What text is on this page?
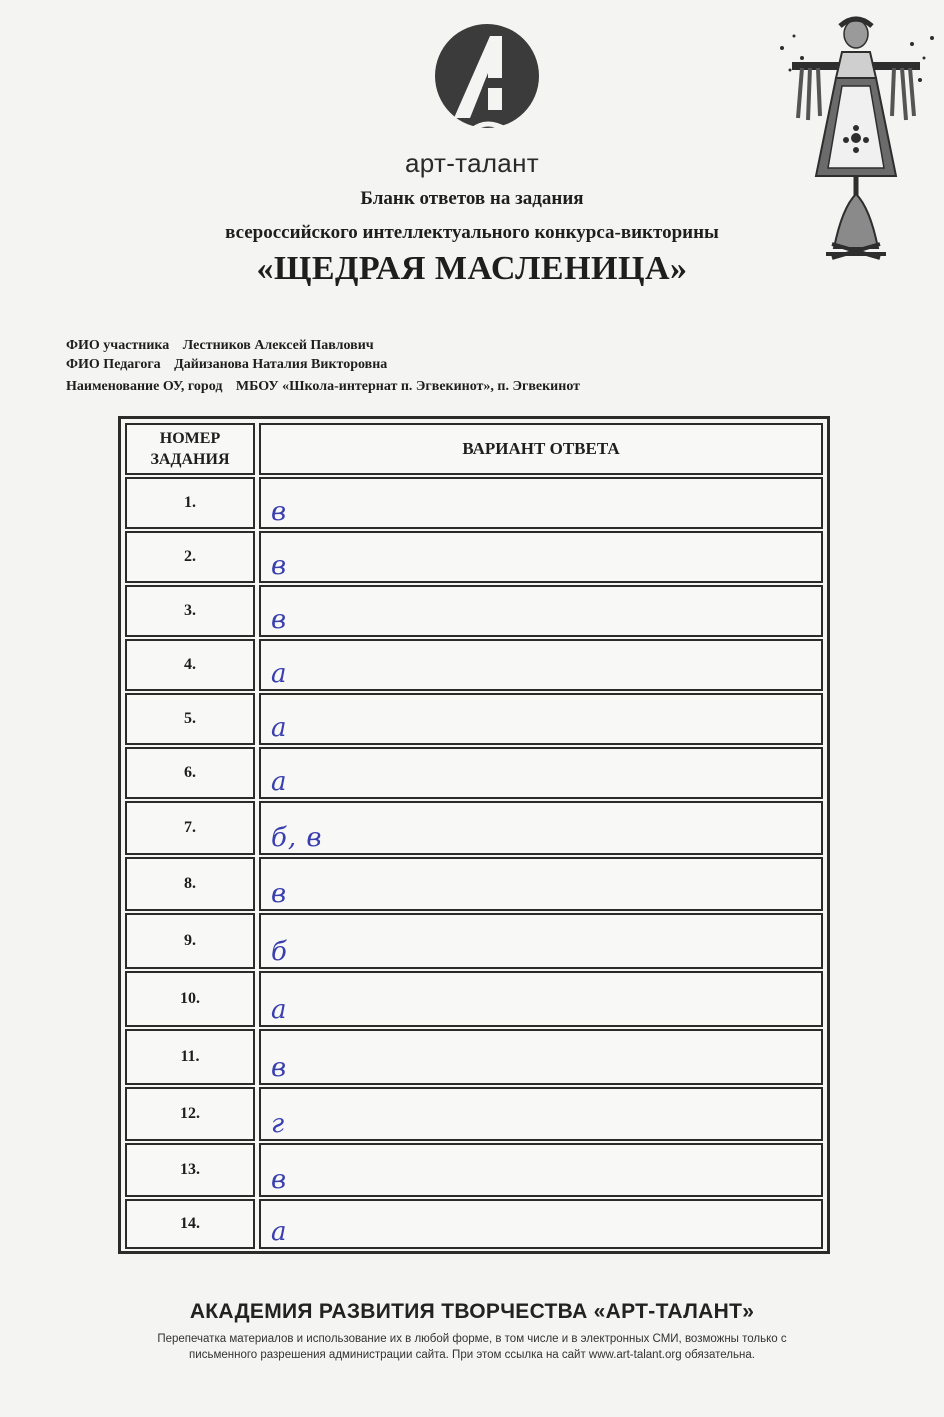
арт-талант
Бланк ответов на задания
всероссийского интеллектуального конкурса-викторины
«ЩЕДРАЯ МАСЛЕНИЦА»
ФИО участника Лестников Алексей Павлович
ФИО Педагога Дайизанова Наталия Викторовна
Наименование ОУ, город МБОУ «Школа-интернат п. Эгвекинот», п. Эгвекинот
НОМЕР
ЗАДАНИЯ
ВАРИАНТ ОТВЕТА
1.	в
2.	в
3.	в
4.	а
5.	а
6.	а
7.	б, в
8.	в
9.	б
10.	а
11.	в
12.	г
13.	в
14.	а
АКАДЕМИЯ РАЗВИТИЯ ТВОРЧЕСТВА «АРТ-ТАЛАНТ»
Перепечатка материалов и использование их в любой форме, в том числе и в электронных СМИ, возможны только с
письменного разрешения администрации сайта. При этом ссылка на сайт www.art-talant.org обязательна.
